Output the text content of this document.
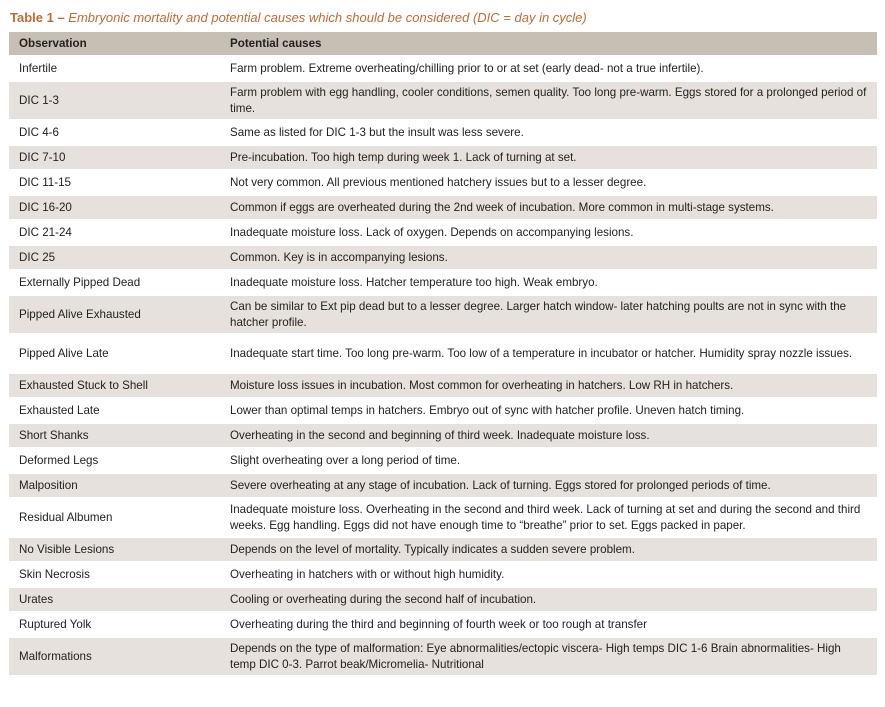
Table 1 – Embryonic mortality and potential causes which should be considered (DIC = day in cycle)
Observation	Potential causes
Infertile	Farm problem. Extreme overheating/chilling prior to or at set (early dead- not a true infertile).
DIC 1-3	Farm problem with egg handling, cooler conditions, semen quality. Too long pre-warm. Eggs stored for a prolonged period of time.
DIC 4-6	Same as listed for DIC 1-3 but the insult was less severe.
DIC 7-10	Pre-incubation. Too high temp during week 1. Lack of turning at set.
DIC 11-15	Not very common. All previous mentioned hatchery issues but to a lesser degree.
DIC 16-20	Common if eggs are overheated during the 2nd week of incubation. More common in multi-stage systems.
DIC 21-24	Inadequate moisture loss. Lack of oxygen. Depends on accompanying lesions.
DIC 25	Common. Key is in accompanying lesions.
Externally Pipped Dead	Inadequate moisture loss. Hatcher temperature too high. Weak embryo.
Pipped Alive Exhausted	Can be similar to Ext pip dead but to a lesser degree. Larger hatch window- later hatching poults are not in sync with the hatcher profile.
Pipped Alive Late	Inadequate start time. Too long pre-warm. Too low of a temperature in incubator or hatcher. Humidity spray nozzle issues.
Exhausted Stuck to Shell	Moisture loss issues in incubation. Most common for overheating in hatchers. Low RH in hatchers.
Exhausted Late	Lower than optimal temps in hatchers. Embryo out of sync with hatcher profile. Uneven hatch timing.
Short Shanks	Overheating in the second and beginning of third week. Inadequate moisture loss.
Deformed Legs	Slight overheating over a long period of time.
Malposition	Severe overheating at any stage of incubation. Lack of turning. Eggs stored for prolonged periods of time.
Residual Albumen	Inadequate moisture loss. Overheating in the second and third week. Lack of turning at set and during the second and third weeks. Egg handling. Eggs did not have enough time to “breathe” prior to set. Eggs packed in paper.
No Visible Lesions	Depends on the level of mortality. Typically indicates a sudden severe problem.
Skin Necrosis	Overheating in hatchers with or without high humidity.
Urates	Cooling or overheating during the second half of incubation.
Ruptured Yolk	Overheating during the third and beginning of fourth week or too rough at transfer
Malformations	Depends on the type of malformation: Eye abnormalities/ectopic viscera- High temps DIC 1-6 Brain abnormalities- High temp DIC 0-3. Parrot beak/Micromelia- Nutritional
